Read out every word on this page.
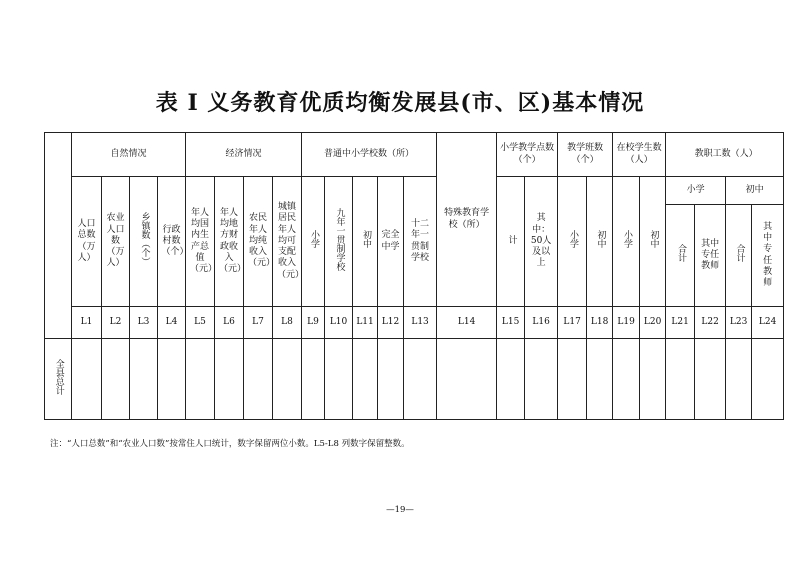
表 I 义务教育优质均衡发展县(市、区)基本情况
	自然情况				经济情况				普通中小学校数（所）					特殊教育学校（所）	小学教学点数（个）		教学班数（个）		在校学生数（人）		教职工数（人）			

	人口总数（万人）	农业人口数（万人）	乡镇数（个）	行政村数（个）	年人均国内生产总值（元）	年人均地方财政收入（元）	农民年人均纯收入（元）	城镇居民年人均可支配收入（元）	小学	九年一贯制学校	初中	完全中学	十二年一贯制学校		计	其中：50人及以上	小学	初中	小学	初中	小学		初中	
																					合计	其中专任教师	合计	其中专任教师

	L1	L2	L3	L4	L5	L6	L7	L8	L9	L10	L11	L12	L13	L14	L15	L16	L17	L18	L19	L20	L21	L22	L23	L24
全县总计																								
注：“人口总数”和“农业人口数”按常住人口统计，数字保留两位小数。L5-L8 列数字保留整数。
—19—
